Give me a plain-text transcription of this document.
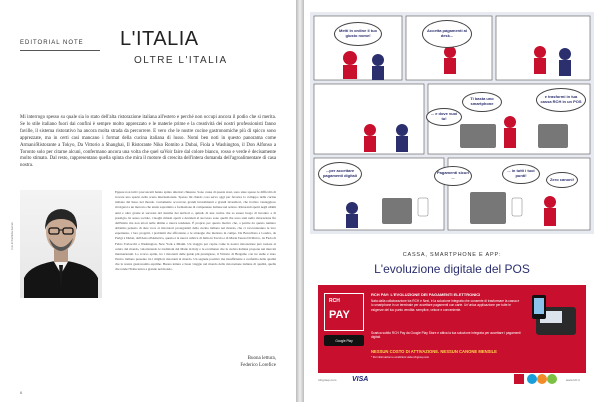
EDITORIAL NOTE L'ITALIA
OLTRE L'ITALIA

Mi interrogo spesso su quale sia lo stato dell'alta ristorazione italiana all'estero e perché non occupi ancora il podio che si merita. Se lo stile italiano fuori dai confini è sempre molto apprezzato e le materie prime e la creatività dei nostri professionisti fanno faville, il sistema ristorativo ha ancora molta strada da percorrere. E vero che le nostre cucine gastronomiche più di spicco sono apprezzate, ma in certi casi mancano i format della cucina italiana di lusso. Nomi ben noti in questo panorama come Armani/Ristorante a Tokyo, Da Vittorio a Shanghai, Il Ristorante Niko Romito a Dubai, Fiola a Washington, il Don Alfonso a Toronto solo per citarne alcuni, confermano ancora una volta che quel saVoir faire dal colore bianco, rosso e verde è decisamente molto stimato. Dal resto, rappresentano quella spinta che mira il motore di crescita dell'intera domanda dell'agroalimentare di casa nostra.

Foto di Brambilla-Serrani

Eppure non tutti i preconcetti hanno spinto ulteriori chiusure. Sono cause di questa stasi, sono state spesso le difficoltà di trovare uno spazio nella scena internazionale. Spesso mi chiedo cosa serva oggi per favorire lo sviluppo della cucina italiana del lusso nel mondo. Certamente occorrono grandi investimenti e grandi investitori, che trovino vantaggioso rivolgersi a un mercato che tenda soprattutto a formazione di competenze italiane nel settore. Ristoranti aperti negli ultimi anni e oltre grazie ai successi del sistema dei territori e, quindi, di una cucina che sa essere luogo di incontro e di prestigio. In senso sociale, i luoghi rimasti aperti e destinati al successo sono quelli che sono stati nella ristorazione fin dall'inizio ma non attori nelle ultime e nuove tendenze. È proprio per questo motivo che, a partire da questo numero abbiamo pensato di dare voce ai ristoratori protagonisti della cucina italiana nel mondo, che ci racconteranno le loro esperienze, i loro progetti, i problemi che affrontano e le strategie che mettono in campo. Da Barcellona a Londra, da Parigi a Dubai, dall'Asia all'America, questa è la nuova rubrica di Italia in Tavola e di Maria Teresa Di Marco, da Fiola di Fabio Trabocchi a Washington, New York e Miami. Un viaggio per capire come la nostra ristorazione può tornare al centro del mondo, valorizzando le tradizioni del Made in Italy e le eccellenze che la cucina italiana propone nei mercati internazionali. Lo scorso aprile, tra i ristoranti delle guide più prestigiose, il Vittorio di Bergamo con tre stelle è stato l'unico italiano presente tra i migliori ristoranti al mondo. Un segnale positivo ma insufficiente a conferma della qualità che la nostra gastronomia esprime. Buona lettura e buon viaggio nel mondo della ristorazione italiana di qualità, quella che rende l'Italia unica e grande nel mondo.

Buona lettura,
Federico Lorefice
6
Metti in ordine il tuo giusto nome!
Accetta pagamenti al desk...
... e dove vuoi tu!
Ti basta uno smartphone
e trasformi in tua cassa RCH in un POS
Pagamenti sicuri ...
... in tutti i tuoi punti!
...per accettare pagamenti digitali
Zero canoni!
CASSA, SMARTPHONE E APP:
L'evoluzione digitale del POS
RCH
PAY
RCH PAY: L'EVOLUZIONE DEI PAGAMENTI ELETTRONICI
Nata dalla collaborazione tra RCH e Nexi, è la soluzione integrata che consente di trasformare la cassa e lo smartphone in un terminale per accettare pagamenti con carte. Un'unica applicazione per tutte le esigenze del tuo punto vendita: semplice, veloce e conveniente.
Scarica subito RCH Pay da Google Play Store e attiva la tua soluzione integrata per accettare i pagamenti digitali.
Google Play
NESSUN COSTO DI ATTIVAZIONE. NESSUN CANONE MENSILE
* Per informazioni e condizioni visita rchgroup.com
VISA
rchgroup.com	www.rch.it
